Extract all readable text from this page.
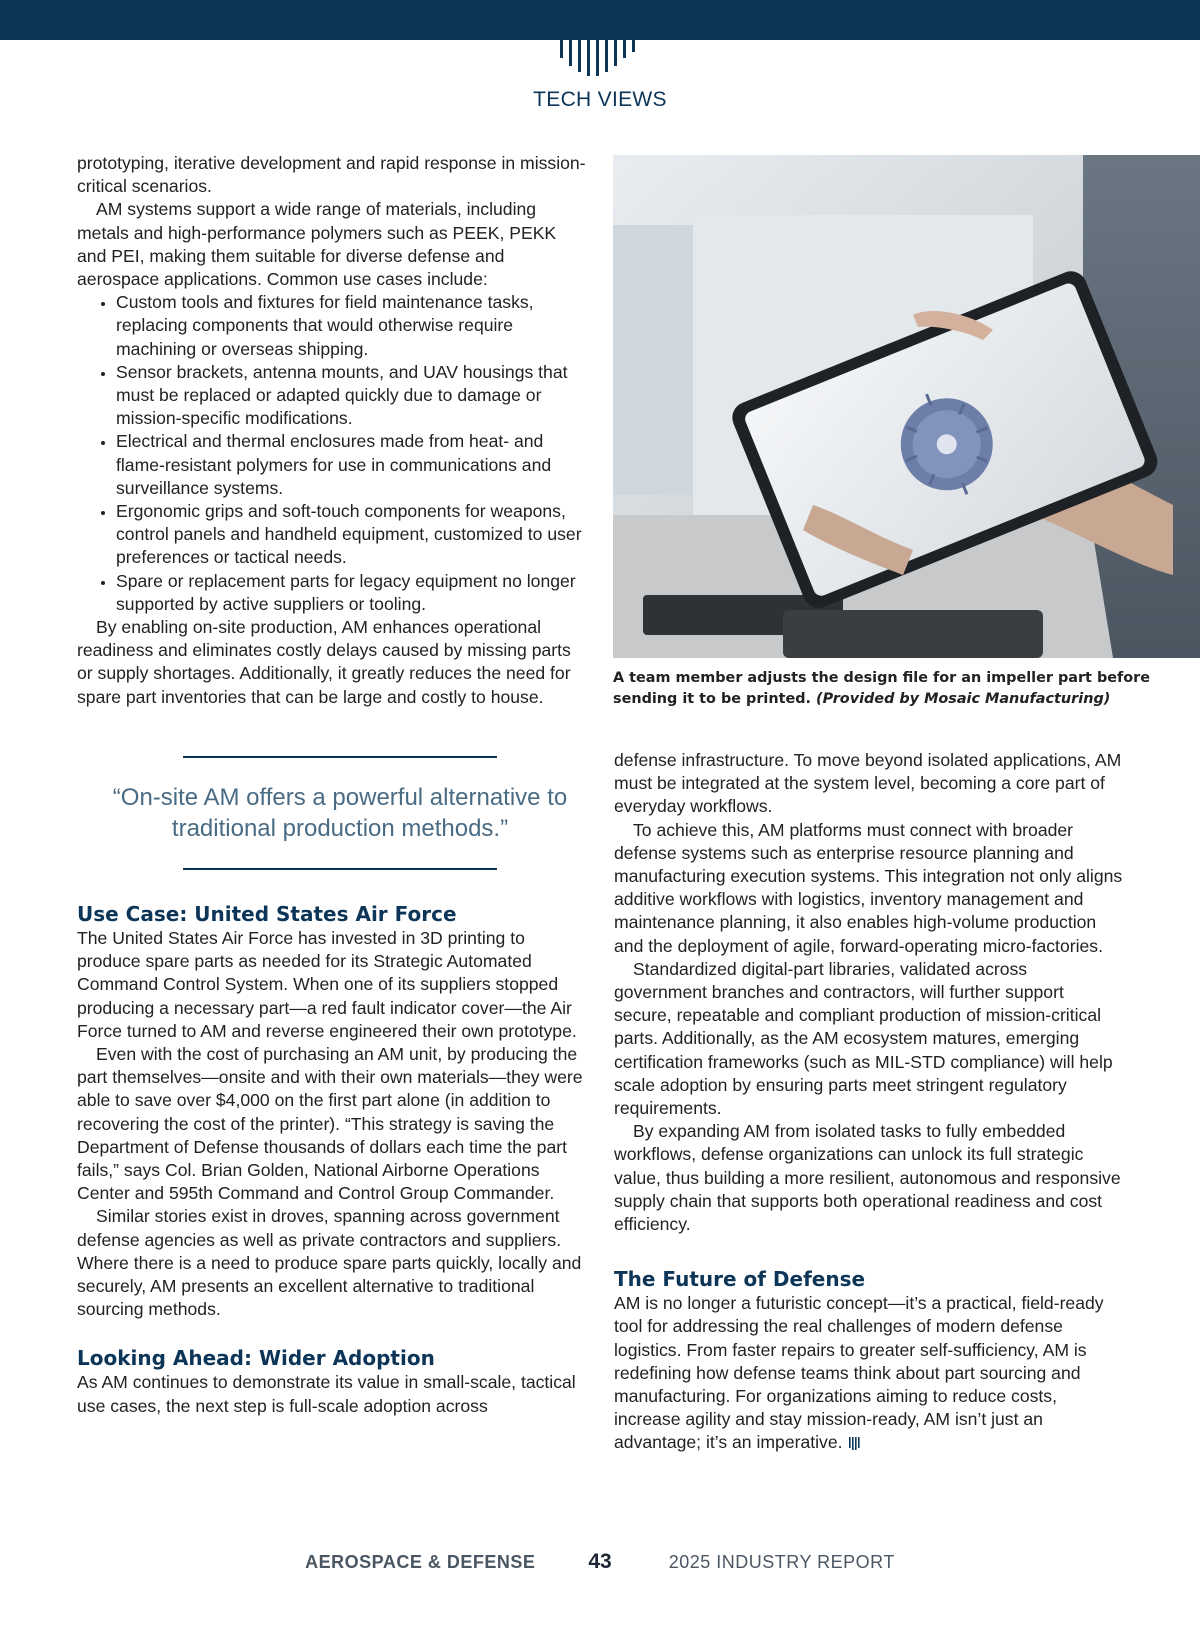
TECH VIEWS

prototyping, iterative development and rapid response in mission-critical scenarios.

AM systems support a wide range of materials, including metals and high-performance polymers such as PEEK, PEKK and PEI, making them suitable for diverse defense and aerospace applications. Common use cases include:

• Custom tools and fixtures for field maintenance tasks, replacing components that would otherwise require machining or overseas shipping.
• Sensor brackets, antenna mounts, and UAV housings that must be replaced or adapted quickly due to damage or mission-specific modifications.
• Electrical and thermal enclosures made from heat- and flame-resistant polymers for use in communications and surveillance systems.
• Ergonomic grips and soft-touch components for weapons, control panels and handheld equipment, customized to user preferences or tactical needs.
• Spare or replacement parts for legacy equipment no longer supported by active suppliers or tooling.

By enabling on-site production, AM enhances operational readiness and eliminates costly delays caused by missing parts or supply shortages. Additionally, it greatly reduces the need for spare part inventories that can be large and costly to house.

“On-site AM offers a powerful alternative to traditional production methods.”
Use Case: United States Air Force

The United States Air Force has invested in 3D printing to produce spare parts as needed for its Strategic Automated Command Control System. When one of its suppliers stopped producing a necessary part—a red fault indicator cover—the Air Force turned to AM and reverse engineered their own prototype.

Even with the cost of purchasing an AM unit, by producing the part themselves—onsite and with their own materials—they were able to save over $4,000 on the first part alone (in addition to recovering the cost of the printer). “This strategy is saving the Department of Defense thousands of dollars each time the part fails,” says Col. Brian Golden, National Airborne Operations Center and 595th Command and Control Group Commander.

Similar stories exist in droves, spanning across government defense agencies as well as private contractors and suppliers. Where there is a need to produce spare parts quickly, locally and securely, AM presents an excellent alternative to traditional sourcing methods.

Looking Ahead: Wider Adoption

As AM continues to demonstrate its value in small-scale, tactical use cases, the next step is full-scale adoption across

A team member adjusts the design file for an impeller part before sending it to be printed. (Provided by Mosaic Manufacturing)

defense infrastructure. To move beyond isolated applications, AM must be integrated at the system level, becoming a core part of everyday workflows.

To achieve this, AM platforms must connect with broader defense systems such as enterprise resource planning and manufacturing execution systems. This integration not only aligns additive workflows with logistics, inventory management and maintenance planning, it also enables high-volume production and the deployment of agile, forward-operating micro-factories.

Standardized digital-part libraries, validated across government branches and contractors, will further support secure, repeatable and compliant production of mission-critical parts. Additionally, as the AM ecosystem matures, emerging certification frameworks (such as MIL-STD compliance) will help scale adoption by ensuring parts meet stringent regulatory requirements.

By expanding AM from isolated tasks to fully embedded workflows, defense organizations can unlock its full strategic value, thus building a more resilient, autonomous and responsive supply chain that supports both operational readiness and cost efficiency.

The Future of Defense

AM is no longer a futuristic concept—it’s a practical, field-ready tool for addressing the real challenges of modern defense logistics. From faster repairs to greater self-sufficiency, AM is redefining how defense teams think about part sourcing and manufacturing. For organizations aiming to reduce costs, increase agility and stay mission-ready, AM isn’t just an advantage; it’s an imperative.

AEROSPACE & DEFENSE	43	2025 INDUSTRY REPORT
